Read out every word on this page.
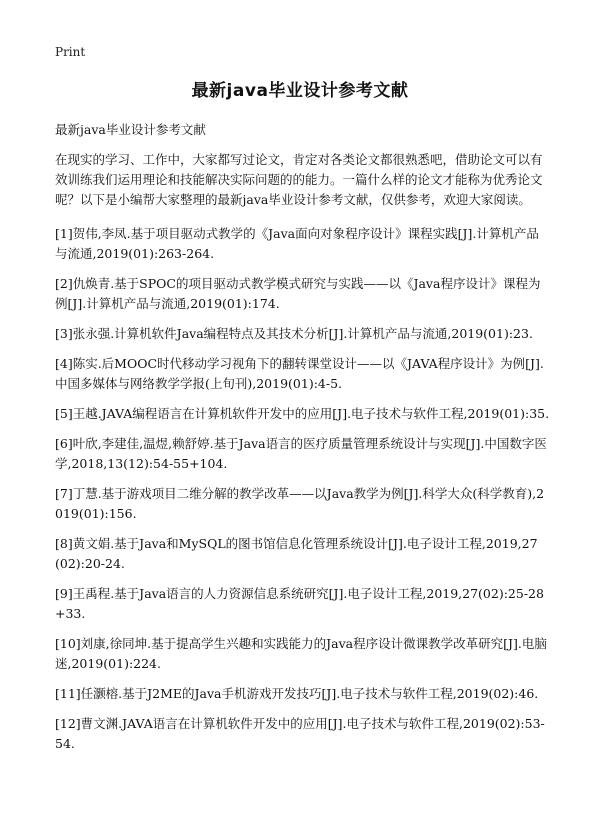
Print
最新java毕业设计参考文献

最新java毕业设计参考文献

在现实的学习、工作中，大家都写过论文，肯定对各类论文都很熟悉吧，借助论文可以有效训练我们运用理论和技能解决实际问题的的能力。一篇什么样的论文才能称为优秀论文呢？以下是小编帮大家整理的最新java毕业设计参考文献，仅供参考，欢迎大家阅读。

[1]贺伟,李凤.基于项目驱动式教学的《Java面向对象程序设计》课程实践[J].计算机产品与流通,2019(01):263-264.
[2]仇焕青.基于SPOC的项目驱动式教学模式研究与实践——以《Java程序设计》课程为例[J].计算机产品与流通,2019(01):174.
[3]张永强.计算机软件Java编程特点及其技术分析[J].计算机产品与流通,2019(01):23.
[4]陈实.后MOOC时代移动学习视角下的翻转课堂设计——以《JAVA程序设计》为例[J].中国多媒体与网络教学学报(上旬刊),2019(01):4-5.
[5]王越.JAVA编程语言在计算机软件开发中的应用[J].电子技术与软件工程,2019(01):35.
[6]叶欣,李建佳,温煜,赖舒婷.基于Java语言的医疗质量管理系统设计与实现[J].中国数字医学,2018,13(12):54-55+104.
[7]丁慧.基于游戏项目二维分解的教学改革——以Java教学为例[J].科学大众(科学教育),2019(01):156.
[8]黄文娟.基于Java和MySQL的图书馆信息化管理系统设计[J].电子设计工程,2019,27(02):20-24.
[9]王禹程.基于Java语言的人力资源信息系统研究[J].电子设计工程,2019,27(02):25-28+33.
[10]刘康,徐同坤.基于提高学生兴趣和实践能力的Java程序设计微课教学改革研究[J].电脑迷,2019(01):224.
[11]任灏榕.基于J2ME的Java手机游戏开发技巧[J].电子技术与软件工程,2019(02):46.
[12]曹文渊.JAVA语言在计算机软件开发中的应用[J].电子技术与软件工程,2019(02):53-54.
